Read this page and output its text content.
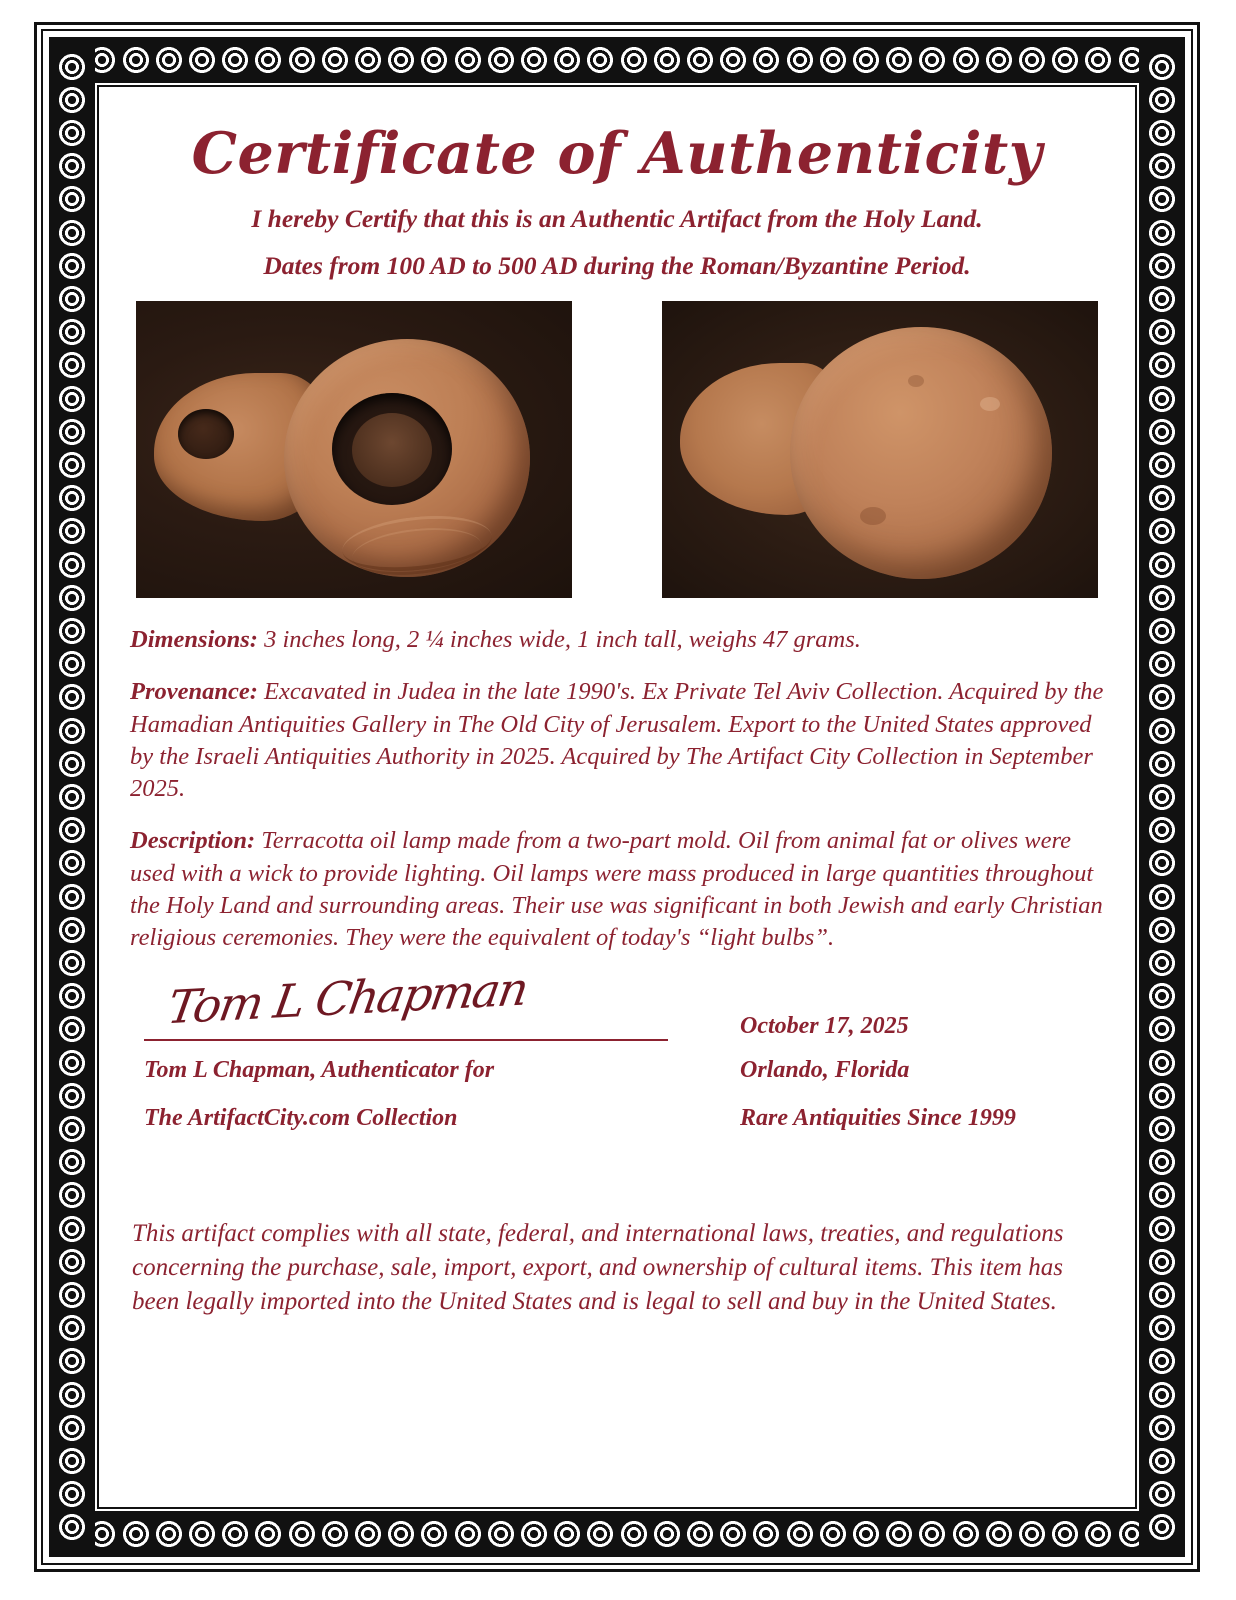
Certificate of Authenticity
I hereby Certify that this is an Authentic Artifact from the Holy Land.
Dates from 100 AD to 500 AD during the Roman/Byzantine Period.

Dimensions: 3 inches long, 2 ¼ inches wide, 1 inch tall, weighs 47 grams.

Provenance: Excavated in Judea in the late 1990's. Ex Private Tel Aviv Collection. Acquired by the Hamadian Antiquities Gallery in The Old City of Jerusalem. Export to the United States approved by the Israeli Antiquities Authority in 2025. Acquired by The Artifact City Collection in September 2025.

Description: Terracotta oil lamp made from a two-part mold. Oil from animal fat or olives were used with a wick to provide lighting. Oil lamps were mass produced in large quantities throughout the Holy Land and surrounding areas. Their use was significant in both Jewish and early Christian religious ceremonies. They were the equivalent of today's “light bulbs”.

Tom L Chapman
Tom L Chapman, Authenticator for
The ArtifactCity.com Collection
October 17, 2025
Orlando, Florida
Rare Antiquities Since 1999

This artifact complies with all state, federal, and international laws, treaties, and regulations concerning the purchase, sale, import, export, and ownership of cultural items. This item has been legally imported into the United States and is legal to sell and buy in the United States.
